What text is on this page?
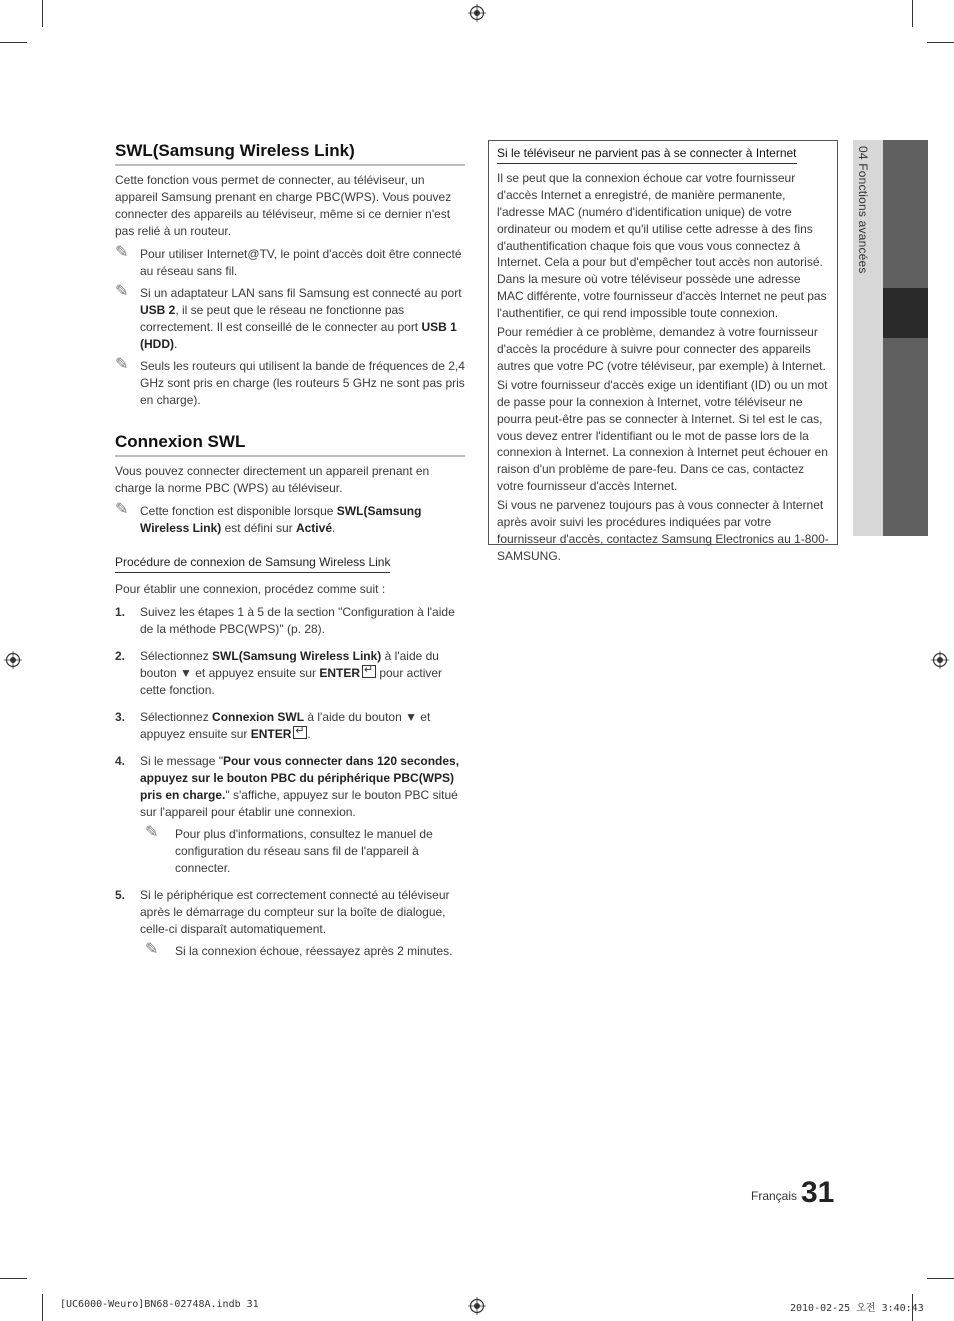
SWL(Samsung Wireless Link)

Cette fonction vous permet de connecter, au téléviseur, un appareil Samsung prenant en charge PBC(WPS). Vous pouvez connecter des appareils au téléviseur, même si ce dernier n'est pas relié à un routeur.

✎ Pour utiliser Internet@TV, le point d'accès doit être connecté au réseau sans fil.
✎ Si un adaptateur LAN sans fil Samsung est connecté au port USB 2, il se peut que le réseau ne fonctionne pas correctement. Il est conseillé de le connecter au port USB 1 (HDD).
✎ Seuls les routeurs qui utilisent la bande de fréquences de 2,4 GHz sont pris en charge (les routeurs 5 GHz ne sont pas pris en charge).
Connexion SWL

Vous pouvez connecter directement un appareil prenant en charge la norme PBC (WPS) au téléviseur.

✎ Cette fonction est disponible lorsque SWL(Samsung Wireless Link) est défini sur Activé.
Procédure de connexion de Samsung Wireless Link

Pour établir une connexion, procédez comme suit :

1. Suivez les étapes 1 à 5 de la section "Configuration à l'aide de la méthode PBC(WPS)" (p. 28).
2. Sélectionnez SWL(Samsung Wireless Link) à l'aide du bouton ▼ et appuyez ensuite sur ENTER↵ pour activer cette fonction.
3. Sélectionnez Connexion SWL à l'aide du bouton ▼ et appuyez ensuite sur ENTER↵ .
4. Si le message "Pour vous connecter dans 120 secondes, appuyez sur le bouton PBC du périphérique PBC(WPS) pris en charge." s'affiche, appuyez sur le bouton PBC situé sur l'appareil pour établir une connexion.
✎ Pour plus d'informations, consultez le manuel de configuration du réseau sans fil de l'appareil à connecter.
5. Si le périphérique est correctement connecté au téléviseur après le démarrage du compteur sur la boîte de dialogue, celle-ci disparaît automatiquement.
✎ Si la connexion échoue, réessayez après 2 minutes.
Si le téléviseur ne parvient pas à se connecter à Internet

Il se peut que la connexion échoue car votre fournisseur d'accès Internet a enregistré, de manière permanente, l'adresse MAC (numéro d'identification unique) de votre ordinateur ou modem et qu'il utilise cette adresse à des fins d'authentification chaque fois que vous vous connectez à Internet. Cela a pour but d'empêcher tout accès non autorisé. Dans la mesure où votre téléviseur possède une adresse MAC différente, votre fournisseur d'accès Internet ne peut pas l'authentifier, ce qui rend impossible toute connexion.

Pour remédier à ce problème, demandez à votre fournisseur d'accès la procédure à suivre pour connecter des appareils autres que votre PC (votre téléviseur, par exemple) à Internet.

Si votre fournisseur d'accès exige un identifiant (ID) ou un mot de passe pour la connexion à Internet, votre téléviseur ne pourra peut-être pas se connecter à Internet. Si tel est le cas, vous devez entrer l'identifiant ou le mot de passe lors de la connexion à Internet. La connexion à Internet peut échouer en raison d'un problème de pare-feu. Dans ce cas, contactez votre fournisseur d'accès Internet.

Si vous ne parvenez toujours pas à vous connecter à Internet après avoir suivi les procédures indiquées par votre fournisseur d'accès, contactez Samsung Electronics au 1-800-SAMSUNG.

04 Fonctions avancées
Français 31
[UC6000-Weuro]BN68-02748A.indb 31	2010-02-25 오전 3:40:43
